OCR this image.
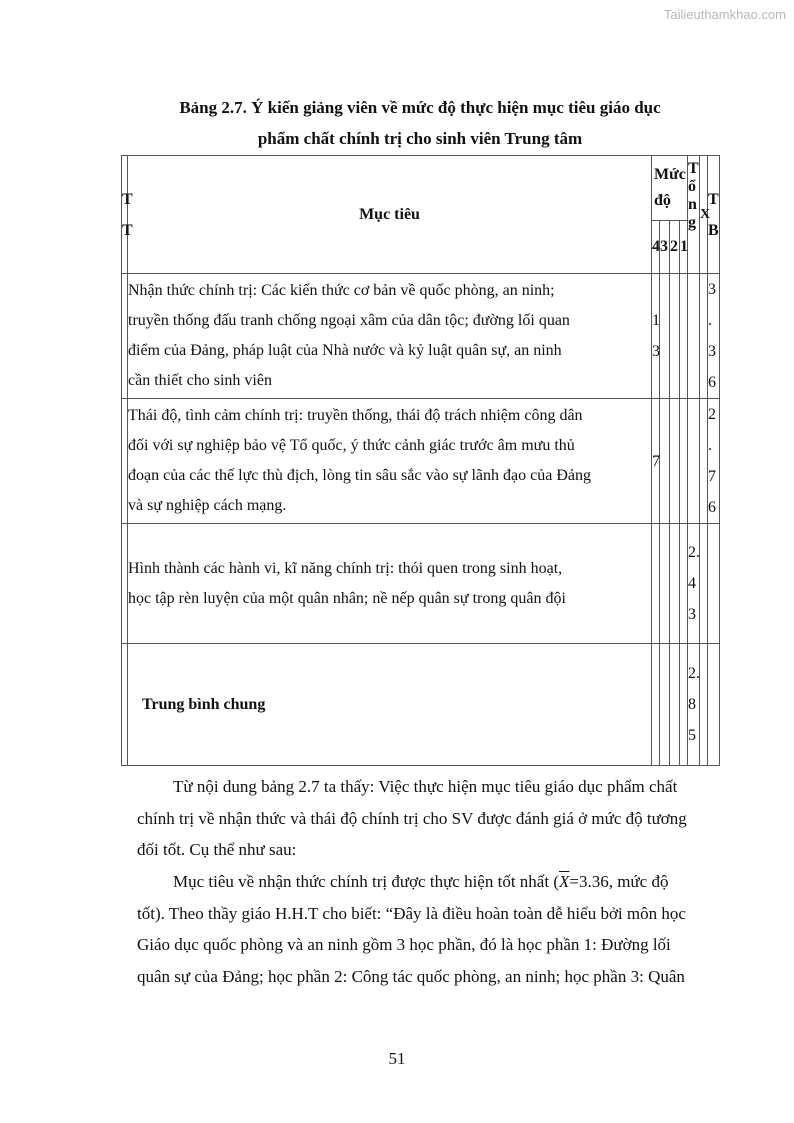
Tailieuthamkhao.com
Bảng 2.7. Ý kiến giảng viên về mức độ thực hiện mục tiêu giáo dục
phẩm chất chính trị cho sinh viên Trung tâm
T T	Mục tiêu	Mức độ				Tổng	X	T B
		4	3	2	1			

	Nhận thức chính trị: Các kiến thức cơ bản về quốc phòng, an ninh;
truyền thống đấu tranh chống ngoại xâm của dân tộc; đường lối quan
điểm của Đảng, pháp luật của Nhà nước và kỷ luật quân sự, an ninh
cần thiết cho sinh viên	1 3						3 . 3 6

	Thái độ, tình cảm chính trị: truyền thống, thái độ trách nhiệm công dân
đối với sự nghiệp bảo vệ Tổ quốc, ý thức cảnh giác trước âm mưu thủ
đoạn của các thế lực thù địch, lòng tin sâu sắc vào sự lãnh đạo của Đảng
và sự nghiệp cách mạng.	7						2 . 7 6

	Hình thành các hành vi, kĩ năng chính trị: thói quen trong sinh hoạt,
học tập rèn luyện của một quân nhân; nề nếp quân sự trong quân đội					2.43		
	Trung bình chung					2.85		
Từ nội dung bảng 2.7 ta thấy: Việc thực hiện mục tiêu giáo dục phẩm chất
chính trị về nhận thức và thái độ chính trị cho SV được đánh giá ở mức độ tương
đối tốt. Cụ thể như sau:
Mục tiêu về nhận thức chính trị được thực hiện tốt nhất ($\overline{X}=3.36$, mức độ
tốt). Theo thầy giáo H.H.T cho biết: “Đây là điều hoàn toàn dễ hiểu bởi môn học
Giáo dục quốc phòng và an ninh gồm 3 học phần, đó là học phần 1: Đường lối
quân sự của Đảng; học phần 2: Công tác quốc phòng, an ninh; học phần 3: Quân
51
